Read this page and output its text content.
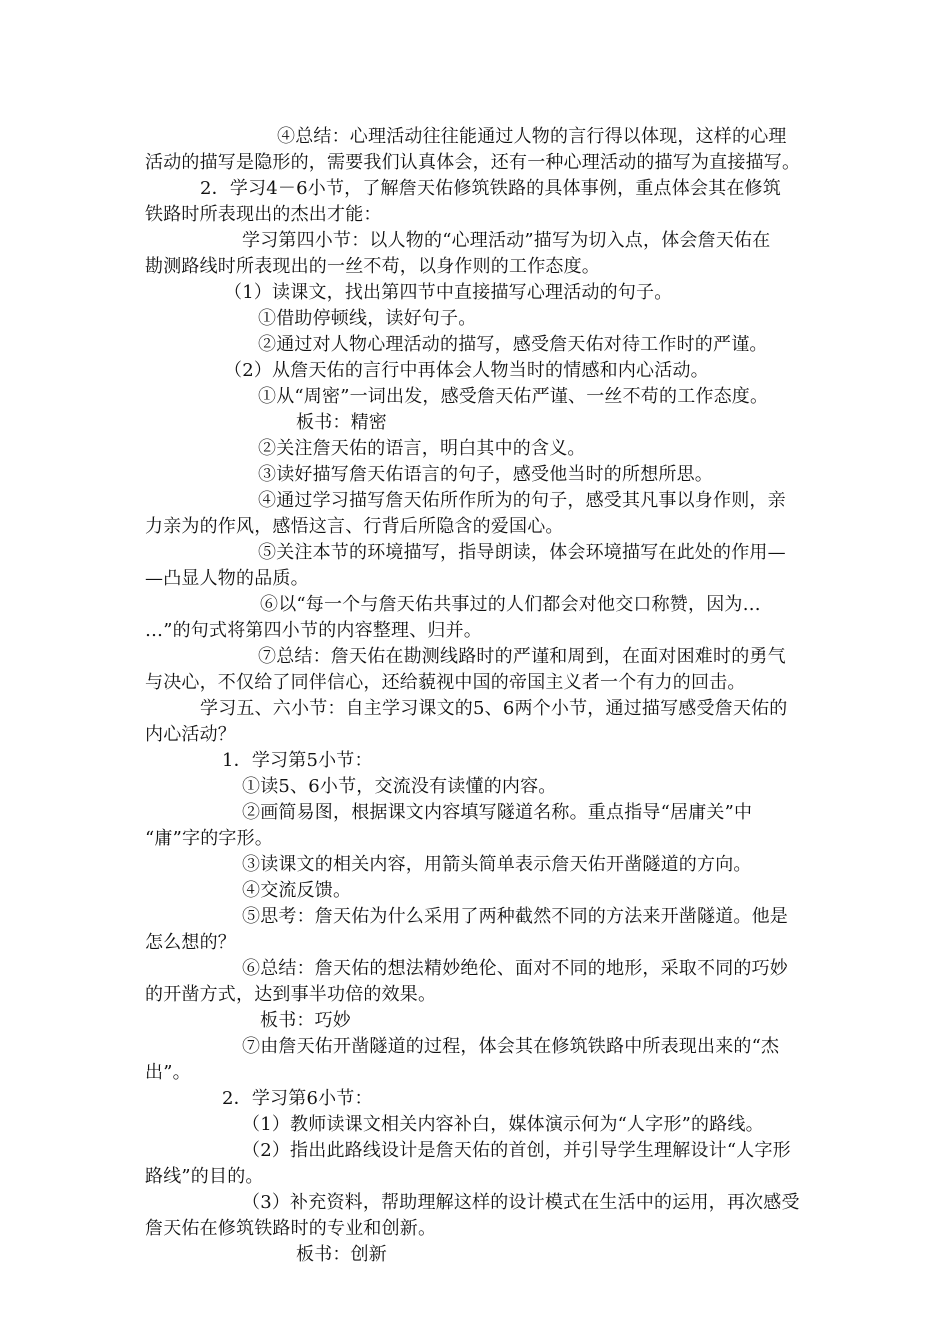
④总结：心理活动往往能通过人物的言行得以体现，这样的心理
活动的描写是隐形的，需要我们认真体会，还有一种心理活动的描写为直接描写。
2．学习4－6小节，了解詹天佑修筑铁路的具体事例，重点体会其在修筑
铁路时所表现出的杰出才能：
学习第四小节：以人物的“心理活动”描写为切入点，体会詹天佑在
勘测路线时所表现出的一丝不苟，以身作则的工作态度。
（1）读课文，找出第四节中直接描写心理活动的句子。
①借助停顿线，读好句子。
②通过对人物心理活动的描写，感受詹天佑对待工作时的严谨。
（2）从詹天佑的言行中再体会人物当时的情感和内心活动。
①从“周密”一词出发，感受詹天佑严谨、一丝不苟的工作态度。
板书：精密
②关注詹天佑的语言，明白其中的含义。
③读好描写詹天佑语言的句子，感受他当时的所想所思。
④通过学习描写詹天佑所作所为的句子，感受其凡事以身作则，亲
力亲为的作风，感悟这言、行背后所隐含的爱国心。
⑤关注本节的环境描写，指导朗读，体会环境描写在此处的作用—
—凸显人物的品质。
⑥以“每一个与詹天佑共事过的人们都会对他交口称赞，因为…
…”的句式将第四小节的内容整理、归并。
⑦总结：詹天佑在勘测线路时的严谨和周到，在面对困难时的勇气
与决心，不仅给了同伴信心，还给藐视中国的帝国主义者一个有力的回击。
学习五、六小节：自主学习课文的5、6两个小节，通过描写感受詹天佑的
内心活动？
1．学习第5小节：
①读5、6小节，交流没有读懂的内容。
②画简易图，根据课文内容填写隧道名称。重点指导“居庸关”中
“庸”字的字形。
③读课文的相关内容，用箭头简单表示詹天佑开凿隧道的方向。
④交流反馈。
⑤思考：詹天佑为什么采用了两种截然不同的方法来开凿隧道。他是
怎么想的？
⑥总结：詹天佑的想法精妙绝伦、面对不同的地形，采取不同的巧妙
的开凿方式，达到事半功倍的效果。
板书：巧妙
⑦由詹天佑开凿隧道的过程，体会其在修筑铁路中所表现出来的“杰
出”。
2．学习第6小节：
（1）教师读课文相关内容补白，媒体演示何为“人字形”的路线。
（2）指出此路线设计是詹天佑的首创，并引导学生理解设计“人字形
路线”的目的。
（3）补充资料，帮助理解这样的设计模式在生活中的运用，再次感受
詹天佑在修筑铁路时的专业和创新。
板书：创新
